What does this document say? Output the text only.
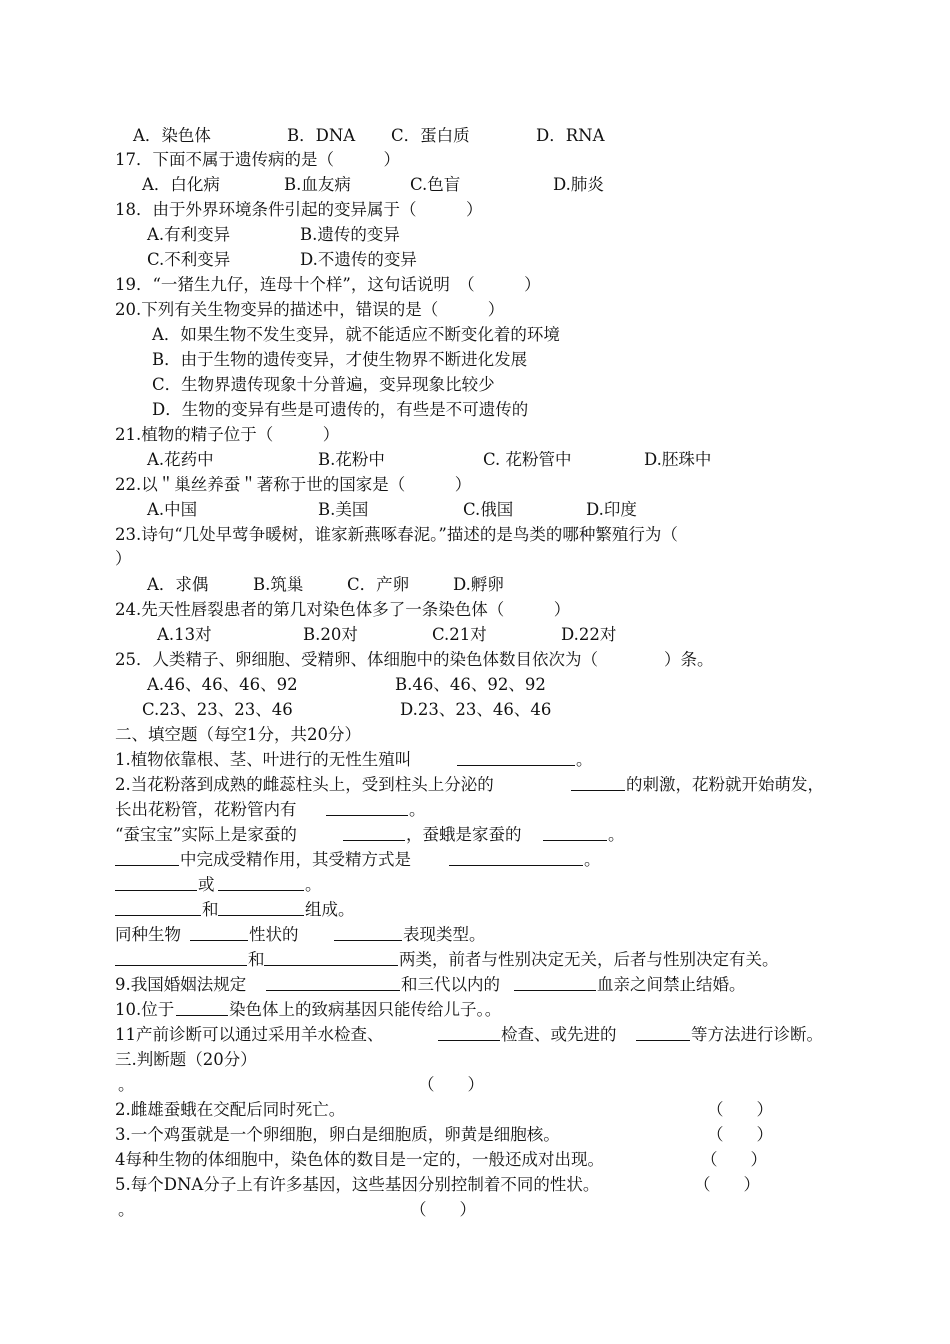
A．染色体	B．DNA C．蛋白质	D．RNA
17．下面不属于遗传病的是（　　　）
A．白化病	B.血友病	C.色盲	D.肺炎
18．由于外界环境条件引起的变异属于（　　　）
A.有利变异	B.遗传的变异
C.不利变异	D.不遗传的变异
19．“一猪生九仔，连母十个样”，这句话说明　（　　　）
20.下列有关生物变异的描述中，错误的是（　　　）
A．如果生物不发生变异，就不能适应不断变化着的环境
B．由于生物的遗传变异，才使生物界不断进化发展
C．生物界遗传现象十分普遍，变异现象比较少
D．生物的变异有些是可遗传的，有些是不可遗传的
21.植物的精子位于（　　　）
A.花药中	B.花粉中	C. 花粉管中	D.胚珠中
22.以＂巢丝养蚕＂著称于世的国家是（　　　）
A.中国	B.美国	C.俄国	D.印度
23.诗句“几处早莺争暖树，谁家新燕啄春泥。”描述的是鸟类的哪种繁殖行为（
）
A．求偶	B.筑巢	C．产卵	D.孵卵
24.先天性唇裂患者的第几对染色体多了一条染色体（　　　）
A.13对	B.20对	C.21对	D.22对
25．人类精子、卵细胞、受精卵、体细胞中的染色体数目依次为（　　　　）条。
A.46、46、46、92	B.46、46、92、92
C.23、23、23、46	D.23、23、46、46
二、填空题（每空1分，共20分）
1.植物依靠根、茎、叶进行的无性生殖叫	。
2.当花粉落到成熟的雌蕊柱头上，受到柱头上分泌的	的刺激，花粉就开始萌发，
长出花粉管，花粉管内有	。
“蚕宝宝”实际上是家蚕的	，蚕蛾是家蚕的	。
中完成受精作用，其受精方式是	。
或	。
和	组成。
同种生物	性状的	表现类型。
和	两类，前者与性别决定无关，后者与性别决定有关。
9.我国婚姻法规定	和三代以内的	血亲之间禁止结婚。
10.位于	染色体上的致病基因只能传给儿子。。
11产前诊断可以通过采用羊水检查、	检查、或先进的	等方法进行诊断。
三.判断题（20分）
。	（　　）
2.雌雄蚕蛾在交配后同时死亡。	（　　）
3.一个鸡蛋就是一个卵细胞，卵白是细胞质，卵黄是细胞核。	（　　）
4每种生物的体细胞中，染色体的数目是一定的，一般还成对出现。	（　　）
5.每个DNA分子上有许多基因，这些基因分别控制着不同的性状。	（　　）
。	（　　）
